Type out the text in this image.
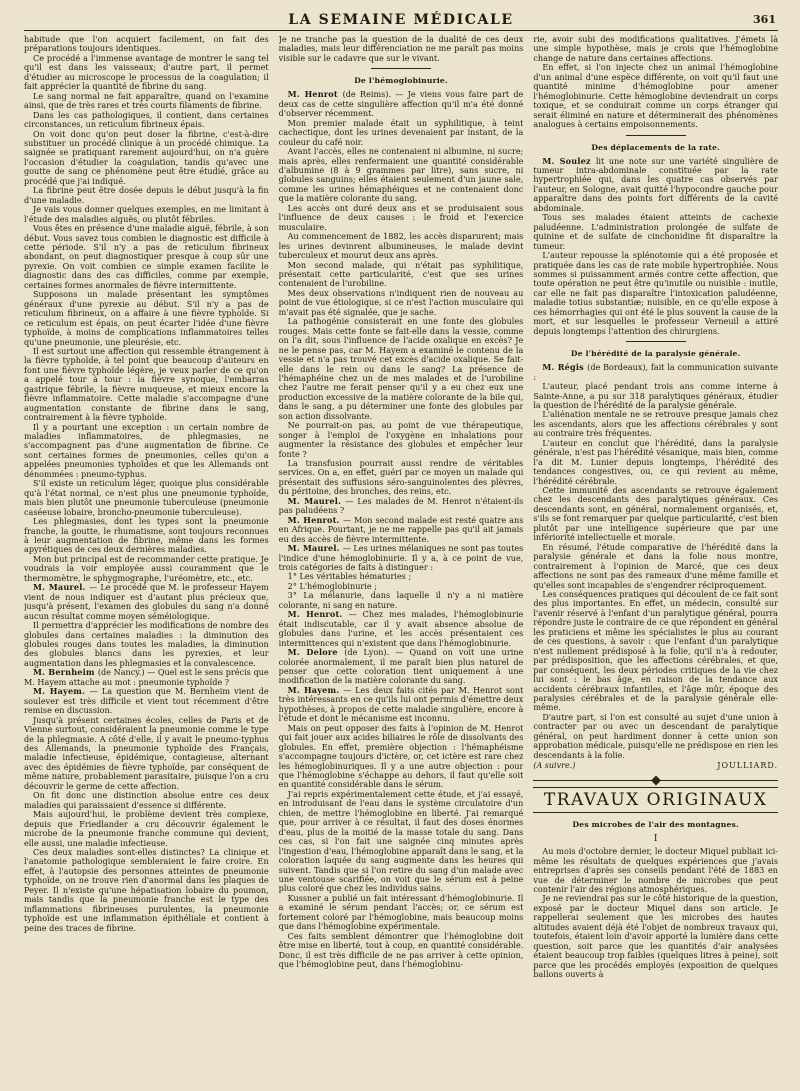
LA SEMAINE MÉDICALE	361

habitude que l'on acquiert facilement, on fait des préparations toujours identiques.

Ce procédé a l'immense avantage de montrer le sang tel qu'il est dans les vaisseaux; d'autre part, il permet d'étudier au microscope le processus de la coagulation; il fait apprécier la quantité de fibrine du sang.

Le sang normal ne fait apparaître, quand on l'examine ainsi, que de très rares et très courts filaments de fibrine.

Dans les cas pathologiques, il contient, dans certaines circonstances, un reticulum fibrineux épais.

On voit donc qu'on peut doser la fibrine, c'est-à-dire substituer un procédé clinique à un procédé chimique. La saignée se pratiquant rarement aujourd'hui, on n'a guère l'occasion d'étudier la coagulation, tandis qu'avec une goutte de sang ce phénomène peut être étudié, grâce au procédé que j'ai indiqué.

La fibrine peut être dosée depuis le début jusqu'à la fin d'une maladie.

Je vais vous donner quelques exemples, en me limitant à l'étude des maladies aiguës, ou plutôt fébriles.

Vous êtes en présence d'une maladie aiguë, fébrile, à son début. Vous savez tous combien le diagnostic est difficile à cette période. S'il n'y a pas de reticulum fibrineux abondant, on peut diagnostiquer presque à coup sûr une pyrexie. On voit combien ce simple examen facilite le diagnostic dans des cas difficiles, comme par exemple, certaines formes anormales de fièvre intermittente.

Supposons un malade présentant les symptômes généraux d'une pyrexie au début. S'il n'y a pas de reticulum fibrineux, on a affaire à une fièvre typhoïde. Si ce reticulum est épais, on peut écarter l'idée d'une fièvre typhoïde, à moins de complications inflammatoires telles qu'une pneumonie, une pleurésie, etc.

Il est surtout une affection qui ressemble étrangement à la fièvre typhoïde, à tel point que beaucoup d'auteurs en font une fièvre typhoïde légère, je veux parler de ce qu'on a appelé tour à tour : la fièvre synoque, l'embarras gastrique fébrile, la fièvre muqueuse, et mieux encore la fièvre inflammatoire. Cette maladie s'accompagne d'une augmentation constante de fibrine dans le sang, contrairement à la fièvre typhoïde.

Il y a pourtant une exception : un certain nombre de maladies inflammatoires, de phlegmasies, ne s'accompagnent pas d'une augmentation de fibrine. Ce sont certaines formes de pneumonies, celles qu'on a appelées pneumonies typhoïdes et que les Allemands ont dénommées : pneumo-typhus.

S'il existe un reticulum léger, quoique plus considérable qu'à l'état normal, ce n'est plus une pneumonie typhoïde, mais bien plutôt une pneumonie tuberculeuse (pneumonie caséeuse lobaire, broncho-pneumonie tuberculeuse).

Les phlegmasies, dont les types sont la pneumonie franche, la goutte, le rhumatisme, sont toujours reconnues à leur augmentation de fibrine, même dans les formes apyrétiques de ces deux dernières maladies.

Mon but principal est de recommander cette pratique. Je voudrais la voir employée aussi couramment que le thermomètre, le sphygmographe, l'uréomètre, etc., etc.

M. Maurel. — Le procédé que M. le professeur Hayem vient de nous indiquer est d'autant plus précieux que, jusqu'à présent, l'examen des globules du sang n'a donné aucun résultat comme moyen séméiologique.

Il permettra d'apprécier les modifications de nombre des globules dans certaines maladies : la diminution des globules rouges dans toutes les maladies, la diminution des globules blancs dans les pyrexies, et leur augmentation dans les phlegmasies et la convalescence.

M. Bernheim (de Nancy.) — Quel est le sens précis que M. Hayem attache au mot : pneumonie typhoïde ?

M. Hayem. — La question que M. Bernheim vient de soulever est très difficile et vient tout récemment d'être remise en discussion.

Jusqu'à présent certaines écoles, celles de Paris et de Vienne surtout, considéraient la pneumonie comme le type de la phlegmasie. A côté d'elle, il y avait le pneumo-typhus des Allemands, la pneumonie typhoïde des Français, maladie infectieuse, épidémique, contagieuse, alternant avec des épidémies de fièvre typhoïde, par conséquent de même nature, probablement parasitaire, puisque l'on a cru découvrir le germe de cette affection.

On fit donc une distinction absolue entre ces deux maladies qui paraissaient d'essence si différente.

Mais aujourd'hui, le problème devient très complexe, depuis que Friedlander a cru découvrir également le microbe de la pneumonie franche commune qui devient, elle aussi, une maladie infectieuse.

Ces deux maladies sont-elles distinctes? La clinique et l'anatomie pathologique sembleraient le faire croire. En effet, à l'autopsie des personnes atteintes de pneumonie typhoïde, on ne trouve rien d'anormal dans les plaques de Peyer. Il n'existe qu'une hépatisation lobaire du poumon, mais tandis que la pneumonie franche est le type des inflammations fibrineuses purulentes, la pneumonie typhoïde est une inflammation épithéliale et contient à peine des traces de fibrine.

Je ne tranche pas la question de la dualité de ces deux maladies, mais leur différenciation ne me paraît pas moins visible sur le cadavre que sur le vivant.

De l'hémoglobinurie.

M. Henrot (de Reims). — Je viens vous faire part de deux cas de cette singulière affection qu'il m'a été donné d'observer récemment.

Mon premier malade était un syphilitique, à teint cachectique, dont les urines devenaient par instant, de la couleur du café noir.

Avant l'accès, elles ne contenaient ni albumine, ni sucre; mais après, elles renfermaient une quantité considérable d'albumine (8 à 9 grammes par litre), sans sucre, ni globules sanguins; elles étaient seulement d'un jaune sale, comme les urines hémaphéiques et ne contenaient donc que la matière colorante du sang.

Les accès ont duré deux ans et se produisaient sous l'influence de deux causes : le froid et l'exercice musculaire.

Au commencement de 1882, les accès disparurent; mais les urines devinrent albumineuses, le malade devint tuberculeux et mourut deux ans après.

Mon second malade, qui n'était pas syphilitique, présentait cette particularité, c'est que ses urines contenaient de l'urobiline.

Mes deux observations n'indiquent rien de nouveau au point de vue étiologique, si ce n'est l'action musculaire qui m'avait pas été signalée, que je sache.

La pathogénie consisterait en une fonte des globules rouges. Mais cette fonte se fait-elle dans la vessie, comme on l'a dit, sous l'influence de l'acide oxalique en excès? Je ne le pense pas, car M. Hayem a examiné le contenu de la vessie et n'a pas trouvé cet excès d'acide oxalique. Se fait-elle dans le rein ou dans le sang? La présence de l'hémaphéine chez un de mes malades et de l'urobiline chez l'autre me ferait penser qu'il y a eu chez eux une production excessive de la matière colorante de la bile qui, dans le sang, a pu déterminer une fonte des globules par son action dissolvante.

Ne pourrait-on pas, au point de vue thérapeutique, songer à l'emploi de l'oxygène en inhalations pour augmenter la résistance des globules et empêcher leur fonte ?

La transfusion pourrait aussi rendre de véritables services. On a, en effet, guéri par ce moyen un malade qui présentait des suffusions séro-sanguinolentes des plèvres, du péritoine, des bronches, des reins, etc.

M. Maurel. — Les malades de M. Henrot n'étaient-ils pas paludéens ?

M. Henrot. — Mon second malade est resté quatre ans en Afrique. Pourtant, je ne me rappelle pas qu'il ait jamais eu des accès de fièvre intermittente.

M. Maurel. — Les urines mélaniques ne sont pas toutes l'indice d'une hémoglobinurie. Il y a, à ce point de vue, trois catégories de faits à distinguer :

1° Les véritables hématuries ;

2° L'hémoglobinurie ;

3° La mélanurie, dans laquelle il n'y a ni matière colorante, ni sang en nature.

M. Henrot. — Chez mes malades, l'hémoglobinurie était indiscutable, car il y avait absence absolue de globules dans l'urine, et les accès présentaient ces intermittences qui n'existent que dans l'hémoglobinurie.

M. Delore (de Lyon). — Quand on voit une urine colorée anormalement, il me paraît bien plus naturel de penser que cette coloration tient uniquement à une modification de la matière colorante du sang.

M. Hayem. — Les deux faits cités par M. Henrot sont très intéressants en ce qu'ils lui ont permis d'émettre deux hypothèses, à propos de cette maladie singulière, encore à l'étude et dont le mécanisme est inconnu.

Mais on peut opposer des faits à l'opinion de M. Henrot qui fait jouer aux acides biliaires le rôle de dissolvants des globules. En effet, première objection : l'hémaphéisme s'accompagne toujours d'ictère, or, cet ictère est rare chez les hémoglobinuriques. Il y a une autre objection : pour que l'hémoglobine s'échappe au dehors, il faut qu'elle soit en quantité considérable dans le sérum.

J'ai repris expérimentalement cette étude, et j'ai essayé, en introduisant de l'eau dans le système circulatoire d'un chien, de mettre l'hémoglobine en liberté. J'ai remarqué que, pour arriver à ce résultat, il faut des doses énormes d'eau, plus de la moitié de la masse totale du sang. Dans ces cas, si l'on fait une saignée cinq minutes après l'ingestion d'eau, l'hémoglobine apparaît dans le sang, et la coloration laquée du sang augmente dans les heures qui suivent. Tandis que si l'on retire du sang d'un malade avec une ventouse scarifiée, on voit que le sérum est à peine plus coloré que chez les individus sains.

Kussner a publié un fait intéressant d'hémoglobinurie. Il a examiné le sérum pendant l'accès; or, ce sérum est fortement coloré par l'hémoglobine, mais beaucoup moins que dans l'hémoglobine expérimentale.

Ces faits semblent démontrer que l'hémoglobine doit être mise en liberté, tout à coup, en quantité considérable. Donc, il est très difficile de ne pas arriver à cette opinion, que l'hémoglobine peut, dans l'hémoglobinu-

rie, avoir subi des modifications qualitatives. J'émets là une simple hypothèse, mais je crois que l'hémoglobine change de nature dans certaines affections.

En effet, si l'on injecte chez un animal l'hémoglobine d'un animal d'une espèce différente, on voit qu'il faut une quantité minime d'hémoglobine pour amener l'hémoglobinurie. Cette hémoglobine deviendrait un corps toxique, et se conduirait comme un corps étranger qui serait éliminé en nature et déterminerait des phénomènes analogues à certains empoisonnements.

Des déplacements de la rate.

M. Soulez lit une note sur une variété singulière de tumeur intra-abdominale constituée par la rate hypertrophiée qui, dans les quatre cas observés par l'auteur, en Sologne, avait quitté l'hypocondre gauche pour apparaître dans des points fort différents de la cavité abdominale.

Tous ses malades étaient atteints de cachexie paludéenne. L'administration prolongée de sulfate de quinine et de sulfate de cinchonidine fit disparaître la tumeur.

L'auteur repousse la splénotomie qui a été proposée et pratiquée dans les cas de rate mobile hypertrophiée. Nous sommes si puissamment armés contre cette affection, que toute opération ne peut être qu'inutile ou nuisible : inutile, car elle ne fait pas disparaître l'intoxication paludéenne, maladie totius substantiæ; nuisible, en ce qu'elle expose à ces hémorrhagies qui ont été le plus souvent la cause de la mort, et sur lesquelles le professeur Verneuil a attiré depuis longtemps l'attention des chirurgiens.

De l'hérédité de la paralysie générale.

M. Régis (de Bordeaux), fait la communication suivante :

L'auteur, placé pendant trois ans comme interne à Sainte-Anne, a pu sur 318 paralytiques généraux, étudier la question de l'hérédité de la paralysie générale.

L'aliénation mentale ne se retrouve presque jamais chez les ascendants, alors que les affections cérébrales y sont au contraire très fréquentes.

L'auteur en conclut que l'hérédité, dans la paralysie générale, n'est pas l'hérédité vésanique, mais bien, comme l'a dit M. Lunier depuis longtemps, l'hérédité des tendances congestives, ou, ce qui revient au même, l'hérédité cérébrale.

Cette immunité des ascendants se retrouve également chez les descendants des paralytiques généraux. Ces descendants sont, en général, normalement organisés, et, s'ils se font remarquer par quelque particularité, c'est bien plutôt par une intelligence supérieure que par une infériorité intellectuelle et morale.

En résumé, l'étude comparative de l'hérédité dans la paralysie générale et dans la folie nous montre, contrairement à l'opinion de Marcé, que ces deux affections ne sont pas des rameaux d'une même famille et qu'elles sont incapables de s'engendrer réciproquement.

Les conséquences pratiques qui découlent de ce fait sont des plus importantes. En effet, un médecin, consulté sur l'avenir réservé à l'enfant d'un paralytique général, pourra répondre juste le contraire de ce que répondent en général les praticiens et même les spécialistes le plus au courant de ces questions, à savoir : que l'enfant d'un paralytique n'est nullement prédisposé à la folie, qu'il n'a à redouter, par prédisposition, que les affections cérébrales, et que, par conséquent, les deux périodes critiques de la vie chez lui sont : le bas âge, en raison de la tendance aux accidents cérébraux infantiles, et l'âge mûr, époque des paralysies cérébrales et de la paralysie générale elle-même.

D'autre part, si l'on est consulté au sujet d'une union à contracter par ou avec un descendant de paralytique général, on peut hardiment donner à cette union son approbation médicale, puisqu'elle ne prédispose en rien les descendants à la folie.

(A suivre.)	JOULLIARD.
TRAVAUX ORIGINAUX
Des microbes de l'air des montagnes.
I

Au mois d'octobre dernier, le docteur Miquel publiait ici-même les résultats de quelques expériences que j'avais entreprises d'après ses conseils pendant l'été de 1883 en vue de déterminer le nombre de microbes que peut contenir l'air des régions atmosphériques.

Je ne reviendrai pas sur le côté historique de la question, exposé par le docteur Miquel dans son article. Je rappellerai seulement que les microbes des hautes altitudes avaient déjà été l'objet de nombreux travaux qui, toutefois, étaient loin d'avoir apporté la lumière dans cette question, soit parce que les quantités d'air analysées étaient beaucoup trop faibles (quelques litres à peine), soit parce que les procédés employés (exposition de quelques ballons ouverts à
